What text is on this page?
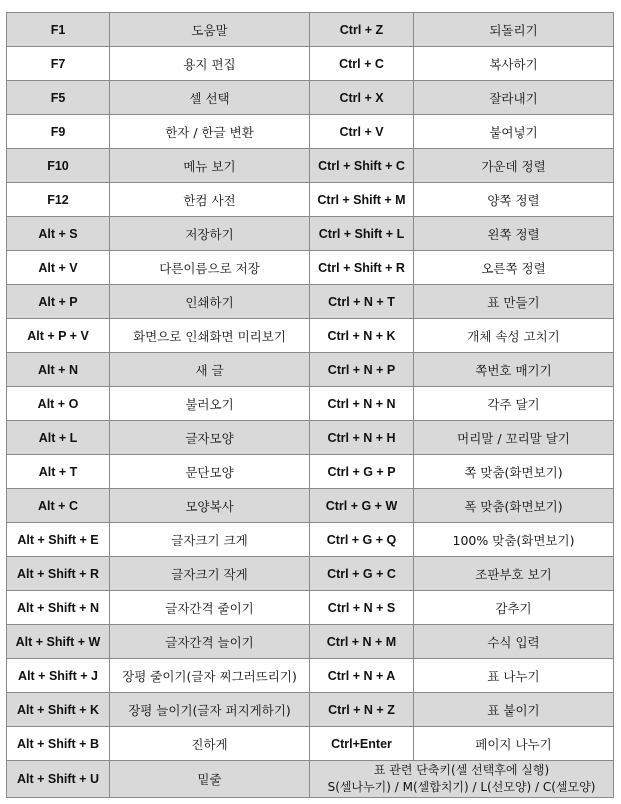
F1	도움말	Ctrl + Z	되돌리기
F7	용지 편집	Ctrl + C	복사하기
F5	셀 선택	Ctrl + X	잘라내기
F9	한자 / 한글 변환	Ctrl + V	붙여넣기
F10	메뉴 보기	Ctrl + Shift + C	가운데 정렬
F12	한컴 사전	Ctrl + Shift + M	양쪽 정렬
Alt + S	저장하기	Ctrl + Shift + L	왼쪽 정렬
Alt + V	다른이름으로 저장	Ctrl + Shift + R	오른쪽 정렬
Alt + P	인쇄하기	Ctrl + N + T	표 만들기
Alt + P + V	화면으로 인쇄화면 미리보기	Ctrl + N + K	개체 속성 고치기
Alt + N	새 글	Ctrl + N + P	쪽번호 매기기
Alt + O	불러오기	Ctrl + N + N	각주 달기
Alt + L	글자모양	Ctrl + N + H	머리말 / 꼬리말 달기
Alt + T	문단모양	Ctrl + G + P	쪽 맞춤(화면보기)
Alt + C	모양복사	Ctrl + G + W	폭 맞춤(화면보기)
Alt + Shift + E	글자크기 크게	Ctrl + G + Q	100% 맞춤(화면보기)
Alt + Shift + R	글자크기 작게	Ctrl + G + C	조판부호 보기
Alt + Shift + N	글자간격 줄이기	Ctrl + N + S	감추기
Alt + Shift + W	글자간격 늘이기	Ctrl + N + M	수식 입력
Alt + Shift + J	장평 줄이기(글자 찌그러뜨리기)	Ctrl + N + A	표 나누기
Alt + Shift + K	장평 늘이기(글자 퍼지게하기)	Ctrl + N + Z	표 붙이기
Alt + Shift + B	진하게	Ctrl+Enter	페이지 나누기
Alt + Shift + U	밑줄	표 관련 단축키(셀 선택후에 실행)
S(셀나누기) / M(셀합치기) / L(선모양) / C(셀모양)	
